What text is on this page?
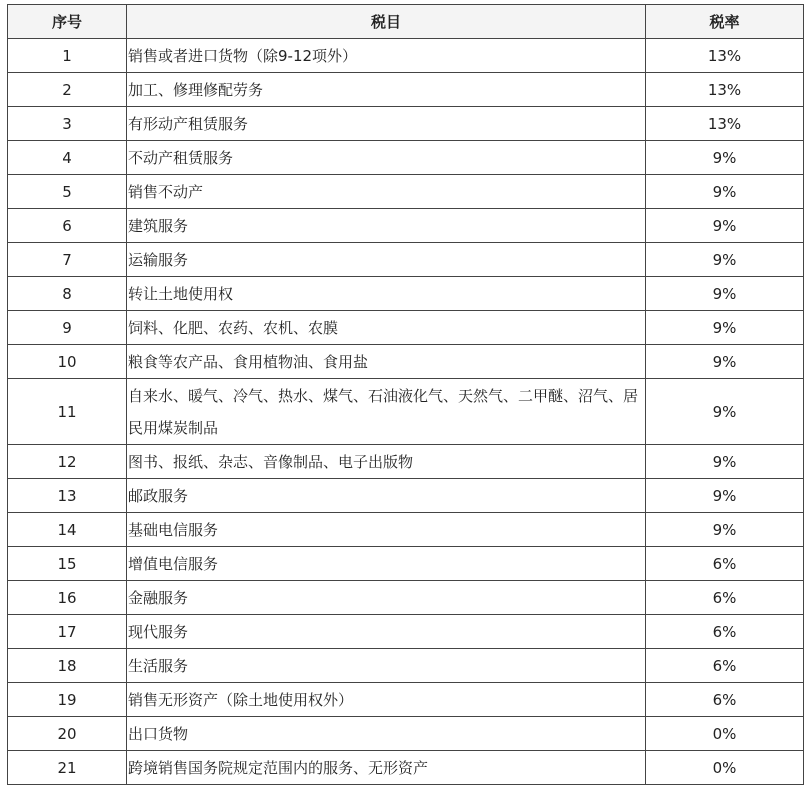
序号	税目	税率
1	销售或者进口货物（除9-12项外）	13%
2	加工、修理修配劳务	13%
3	有形动产租赁服务	13%
4	不动产租赁服务	9%
5	销售不动产	9%
6	建筑服务	9%
7	运输服务	9%
8	转让土地使用权	9%
9	饲料、化肥、农药、农机、农膜	9%
10	粮食等农产品、食用植物油、食用盐	9%
11	自来水、暖气、冷气、热水、煤气、石油液化气、天然气、二甲醚、沼气、居民用煤炭制品	9%
12	图书、报纸、杂志、音像制品、电子出版物	9%
13	邮政服务	9%
14	基础电信服务	9%
15	增值电信服务	6%
16	金融服务	6%
17	现代服务	6%
18	生活服务	6%
19	销售无形资产（除土地使用权外）	6%
20	出口货物	0%
21	跨境销售国务院规定范围内的服务、无形资产	0%
